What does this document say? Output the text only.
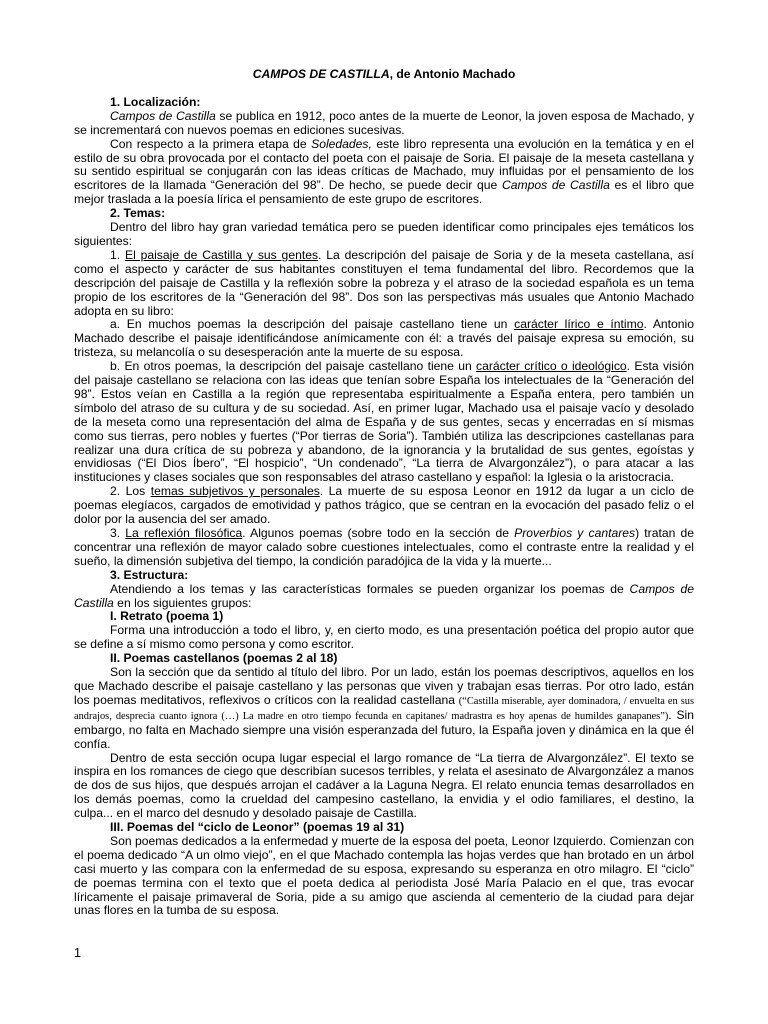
CAMPOS DE CASTILLA, de Antonio Machado

1. Localización:

Campos de Castilla se publica en 1912, poco antes de la muerte de Leonor, la joven esposa de Machado, y se incrementará con nuevos poemas en ediciones sucesivas.

Con respecto a la primera etapa de Soledades, este libro representa una evolución en la temática y en el estilo de su obra provocada por el contacto del poeta con el paisaje de Soria. El paisaje de la meseta castellana y su sentido espiritual se conjugarán con las ideas críticas de Machado, muy influidas por el pensamiento de los escritores de la llamada “Generación del 98”. De hecho, se puede decir que Campos de Castilla es el libro que mejor traslada a la poesía lírica el pensamiento de este grupo de escritores.

2. Temas:

Dentro del libro hay gran variedad temática pero se pueden identificar como principales ejes temáticos los siguientes:

1. El paisaje de Castilla y sus gentes. La descripción del paisaje de Soria y de la meseta castellana, así como el aspecto y carácter de sus habitantes constituyen el tema fundamental del libro. Recordemos que la descripción del paisaje de Castilla y la reflexión sobre la pobreza y el atraso de la sociedad española es un tema propio de los escritores de la “Generación del 98”. Dos son las perspectivas más usuales que Antonio Machado adopta en su libro:

a. En muchos poemas la descripción del paisaje castellano tiene un carácter lírico e íntimo. Antonio Machado describe el paisaje identificándose anímicamente con él: a través del paisaje expresa su emoción, su tristeza, su melancolía o su desesperación ante la muerte de su esposa.

b. En otros poemas, la descripción del paisaje castellano tiene un carácter crítico o ideológico. Esta visión del paisaje castellano se relaciona con las ideas que tenían sobre España los intelectuales de la “Generación del 98”. Estos veían en Castilla a la región que representaba espiritualmente a España entera, pero también un símbolo del atraso de su cultura y de su sociedad. Así, en primer lugar, Machado usa el paisaje vacío y desolado de la meseta como una representación del alma de España y de sus gentes, secas y encerradas en sí mismas como sus tierras, pero nobles y fuertes (“Por tierras de Soria”). También utiliza las descripciones castellanas para realizar una dura crítica de su pobreza y abandono, de la ignorancia y la brutalidad de sus gentes, egoístas y envidiosas (“El Dios Íbero”, “El hospicio”, “Un condenado”, “La tierra de Alvargonzález”), o para atacar a las instituciones y clases sociales que son responsables del atraso castellano y español: la Iglesia o la aristocracia.

2. Los temas subjetivos y personales. La muerte de su esposa Leonor en 1912 da lugar a un ciclo de poemas elegíacos, cargados de emotividad y pathos trágico, que se centran en la evocación del pasado feliz o el dolor por la ausencia del ser amado.

3. La reflexión filosófica. Algunos poemas (sobre todo en la sección de Proverbios y cantares) tratan de concentrar una reflexión de mayor calado sobre cuestiones intelectuales, como el contraste entre la realidad y el sueño, la dimensión subjetiva del tiempo, la condición paradójica de la vida y la muerte...

3. Estructura:

Atendiendo a los temas y las características formales se pueden organizar los poemas de Campos de Castilla en los siguientes grupos:

I. Retrato (poema 1)

Forma una introducción a todo el libro, y, en cierto modo, es una presentación poética del propio autor que se define a sí mismo como persona y como escritor.

II. Poemas castellanos (poemas 2 al 18)

Son la sección que da sentido al título del libro. Por un lado, están los poemas descriptivos, aquellos en los que Machado describe el paisaje castellano y las personas que viven y trabajan esas tierras. Por otro lado, están los poemas meditativos, reflexivos o críticos con la realidad castellana (“Castilla miserable, ayer dominadora, / envuelta en sus andrajos, desprecia cuanto ignora (…) La madre en otro tiempo fecunda en capitanes/ madrastra es hoy apenas de humildes ganapanes”). Sin embargo, no falta en Machado siempre una visión esperanzada del futuro, la España joven y dinámica en la que él confía.

Dentro de esta sección ocupa lugar especial el largo romance de “La tierra de Alvargonzález”. El texto se inspira en los romances de ciego que describían sucesos terribles, y relata el asesinato de Alvargonzález a manos de dos de sus hijos, que después arrojan el cadáver a la Laguna Negra. El relato enuncia temas desarrollados en los demás poemas, como la crueldad del campesino castellano, la envidia y el odio familiares, el destino, la culpa... en el marco del desnudo y desolado paisaje de Castilla.

III. Poemas del “ciclo de Leonor” (poemas 19 al 31)

Son poemas dedicados a la enfermedad y muerte de la esposa del poeta, Leonor Izquierdo. Comienzan con el poema dedicado “A un olmo viejo”, en el que Machado contempla las hojas verdes que han brotado en un árbol casi muerto y las compara con la enfermedad de su esposa, expresando su esperanza en otro milagro. El “ciclo” de poemas termina con el texto que el poeta dedica al periodista José María Palacio en el que, tras evocar líricamente el paisaje primaveral de Soria, pide a su amigo que ascienda al cementerio de la ciudad para dejar unas flores en la tumba de su esposa.

1
